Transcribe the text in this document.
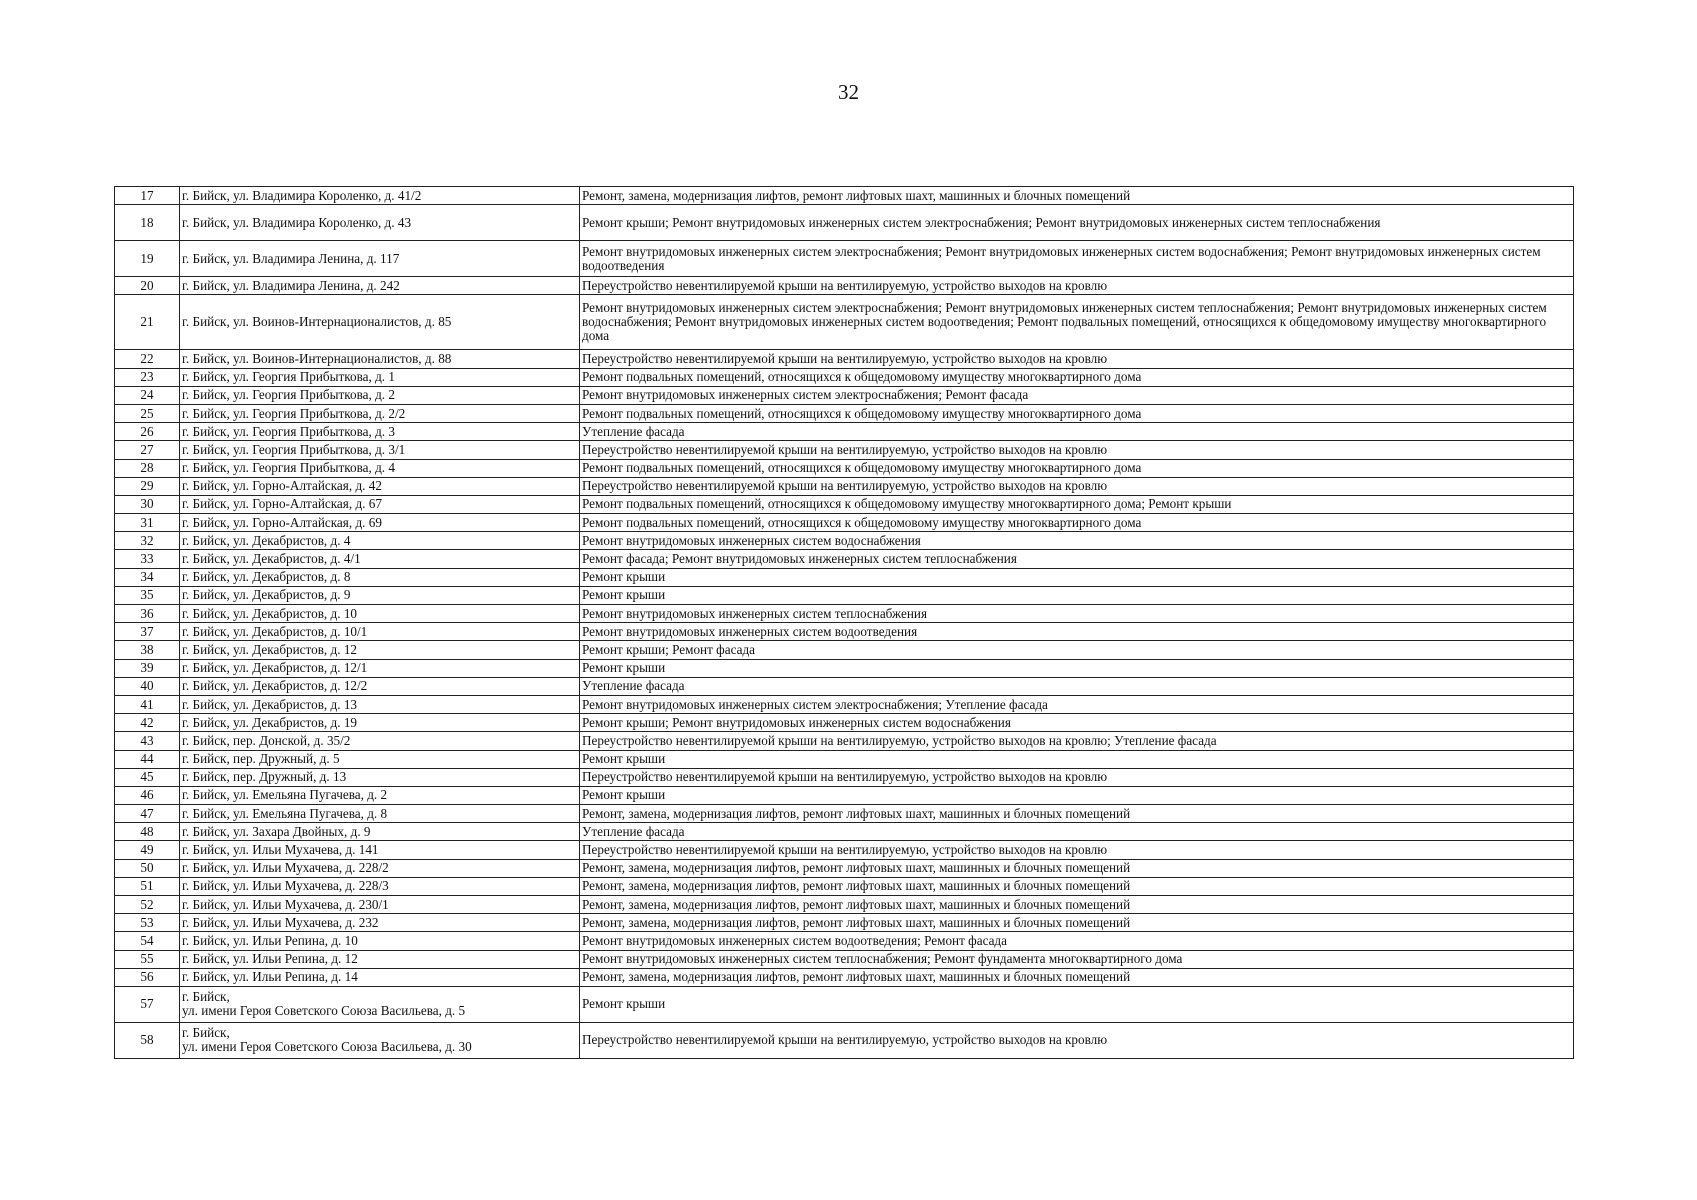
32
17	г. Бийск, ул. Владимира Короленко, д. 41/2	Ремонт, замена, модернизация лифтов, ремонт лифтовых шахт, машинных и блочных помещений
18	г. Бийск, ул. Владимира Короленко, д. 43	Ремонт крыши; Ремонт внутридомовых инженерных систем электроснабжения; Ремонт внутридомовых инженерных систем теплоснабжения
19	г. Бийск, ул. Владимира Ленина, д. 117	Ремонт внутридомовых инженерных систем электроснабжения; Ремонт внутридомовых инженерных систем водоснабжения; Ремонт внутридомовых инженерных систем водоотведения
20	г. Бийск, ул. Владимира Ленина, д. 242	Переустройство невентилируемой крыши на вентилируемую, устройство выходов на кровлю
21	г. Бийск, ул. Воинов-Интернационалистов, д. 85	Ремонт внутридомовых инженерных систем электроснабжения; Ремонт внутридомовых инженерных систем теплоснабжения; Ремонт внутридомовых инженерных систем водоснабжения; Ремонт внутридомовых инженерных систем водоотведения; Ремонт подвальных помещений, относящихся к общедомовому имуществу многоквартирного дома
22	г. Бийск, ул. Воинов-Интернационалистов, д. 88	Переустройство невентилируемой крыши на вентилируемую, устройство выходов на кровлю
23	г. Бийск, ул. Георгия Прибыткова, д. 1	Ремонт подвальных помещений, относящихся к общедомовому имуществу многоквартирного дома
24	г. Бийск, ул. Георгия Прибыткова, д. 2	Ремонт внутридомовых инженерных систем электроснабжения; Ремонт фасада
25	г. Бийск, ул. Георгия Прибыткова, д. 2/2	Ремонт подвальных помещений, относящихся к общедомовому имуществу многоквартирного дома
26	г. Бийск, ул. Георгия Прибыткова, д. 3	Утепление фасада
27	г. Бийск, ул. Георгия Прибыткова, д. 3/1	Переустройство невентилируемой крыши на вентилируемую, устройство выходов на кровлю
28	г. Бийск, ул. Георгия Прибыткова, д. 4	Ремонт подвальных помещений, относящихся к общедомовому имуществу многоквартирного дома
29	г. Бийск, ул. Горно-Алтайская, д. 42	Переустройство невентилируемой крыши на вентилируемую, устройство выходов на кровлю
30	г. Бийск, ул. Горно-Алтайская, д. 67	Ремонт подвальных помещений, относящихся к общедомовому имуществу многоквартирного дома; Ремонт крыши
31	г. Бийск, ул. Горно-Алтайская, д. 69	Ремонт подвальных помещений, относящихся к общедомовому имуществу многоквартирного дома
32	г. Бийск, ул. Декабристов, д. 4	Ремонт внутридомовых инженерных систем водоснабжения
33	г. Бийск, ул. Декабристов, д. 4/1	Ремонт фасада; Ремонт внутридомовых инженерных систем теплоснабжения
34	г. Бийск, ул. Декабристов, д. 8	Ремонт крыши
35	г. Бийск, ул. Декабристов, д. 9	Ремонт крыши
36	г. Бийск, ул. Декабристов, д. 10	Ремонт внутридомовых инженерных систем теплоснабжения
37	г. Бийск, ул. Декабристов, д. 10/1	Ремонт внутридомовых инженерных систем водоотведения
38	г. Бийск, ул. Декабристов, д. 12	Ремонт крыши; Ремонт фасада
39	г. Бийск, ул. Декабристов, д. 12/1	Ремонт крыши
40	г. Бийск, ул. Декабристов, д. 12/2	Утепление фасада
41	г. Бийск, ул. Декабристов, д. 13	Ремонт внутридомовых инженерных систем электроснабжения; Утепление фасада
42	г. Бийск, ул. Декабристов, д. 19	Ремонт крыши; Ремонт внутридомовых инженерных систем водоснабжения
43	г. Бийск, пер. Донской, д. 35/2	Переустройство невентилируемой крыши на вентилируемую, устройство выходов на кровлю; Утепление фасада
44	г. Бийск, пер. Дружный, д. 5	Ремонт крыши
45	г. Бийск, пер. Дружный, д. 13	Переустройство невентилируемой крыши на вентилируемую, устройство выходов на кровлю
46	г. Бийск, ул. Емельяна Пугачева, д. 2	Ремонт крыши
47	г. Бийск, ул. Емельяна Пугачева, д. 8	Ремонт, замена, модернизация лифтов, ремонт лифтовых шахт, машинных и блочных помещений
48	г. Бийск, ул. Захара Двойных, д. 9	Утепление фасада
49	г. Бийск, ул. Ильи Мухачева, д. 141	Переустройство невентилируемой крыши на вентилируемую, устройство выходов на кровлю
50	г. Бийск, ул. Ильи Мухачева, д. 228/2	Ремонт, замена, модернизация лифтов, ремонт лифтовых шахт, машинных и блочных помещений
51	г. Бийск, ул. Ильи Мухачева, д. 228/3	Ремонт, замена, модернизация лифтов, ремонт лифтовых шахт, машинных и блочных помещений
52	г. Бийск, ул. Ильи Мухачева, д. 230/1	Ремонт, замена, модернизация лифтов, ремонт лифтовых шахт, машинных и блочных помещений
53	г. Бийск, ул. Ильи Мухачева, д. 232	Ремонт, замена, модернизация лифтов, ремонт лифтовых шахт, машинных и блочных помещений
54	г. Бийск, ул. Ильи Репина, д. 10	Ремонт внутридомовых инженерных систем водоотведения; Ремонт фасада
55	г. Бийск, ул. Ильи Репина, д. 12	Ремонт внутридомовых инженерных систем теплоснабжения; Ремонт фундамента многоквартирного дома
56	г. Бийск, ул. Ильи Репина, д. 14	Ремонт, замена, модернизация лифтов, ремонт лифтовых шахт, машинных и блочных помещений
57	г. Бийск,
ул. имени Героя Советского Союза Васильева, д. 5	Ремонт крыши
58	г. Бийск,
ул. имени Героя Советского Союза Васильева, д. 30	Переустройство невентилируемой крыши на вентилируемую, устройство выходов на кровлю
